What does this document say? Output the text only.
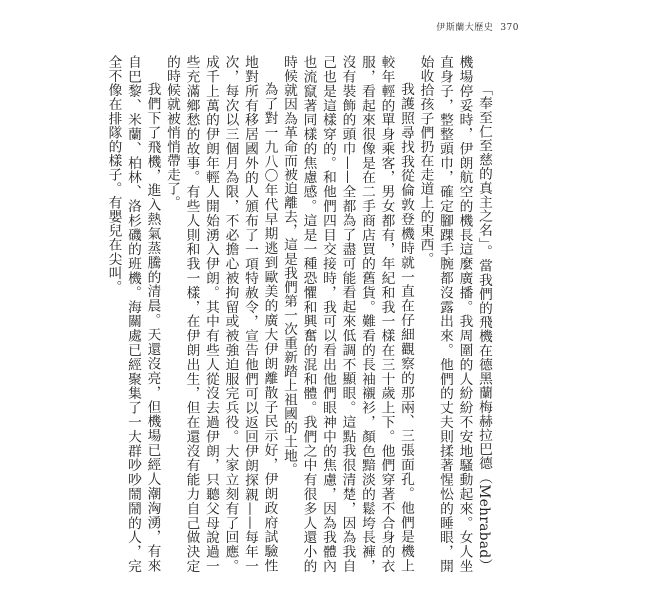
伊斯蘭大歷史 370

「奉至仁至慈的真主之名」。當我們的飛機在德黑蘭梅赫拉巴德（Mehrabad）機場停妥時，伊朗航空的機長這麼廣播。我周圍的人紛紛不安地騷動起來。女人坐直身子，整整頭巾，確定腳踝手腕都沒露出來。他們的丈夫則揉著惺忪的睡眼，開始收拾孩子們扔在走道上的東西。

我護照尋找我從倫敦登機時就一直在仔細觀察的那兩、三張面孔。他們是機上較年輕的單身乘客，男女都有，年紀和我一樣在三十歲上下。他們穿著不合身的衣服，看起來很像是在二手商店買的舊貨。難看的長袖襯衫，顏色黯淡的鬆垮長褲，沒有裝飾的頭巾——全都為了盡可能看起來低調不顯眼。這點我很清楚，因為我自己也是這樣穿的。和他們四目交接時，我可以看出他們眼神中的焦慮，因為我體內也流竄著同樣的焦慮感。這是一種恐懼和興奮的混和體。我們之中有很多人還小的時候就因為革命而被迫離去，這是我們第一次重新踏上祖國的土地。

為了對一九八〇年代早期逃到歐美的廣大伊朗離散子民示好，伊朗政府試驗性地對所有移居國外的人頒布了一項特赦令，宣告他們可以返回伊朗探親——每年一次，每次以三個月為限，不必擔心被拘留或被強迫服完兵役。大家立刻有了回應。成千上萬的伊朗年輕人開始湧入伊朗。其中有些人從沒去過伊朗，只聽父母說過一些充滿鄉愁的故事。有些人則和我一樣，在伊朗出生，但在還沒有能力自己做決定的時候就被悄悄帶走了。

我們下了飛機，進入熱氣蒸騰的清晨。天還沒亮，但機場已經人潮洶湧，有來自巴黎、米蘭、柏林、洛杉磯的班機。海關處已經聚集了一大群吵吵鬧鬧的人，完全不像在排隊的樣子。有嬰兒在尖叫。
